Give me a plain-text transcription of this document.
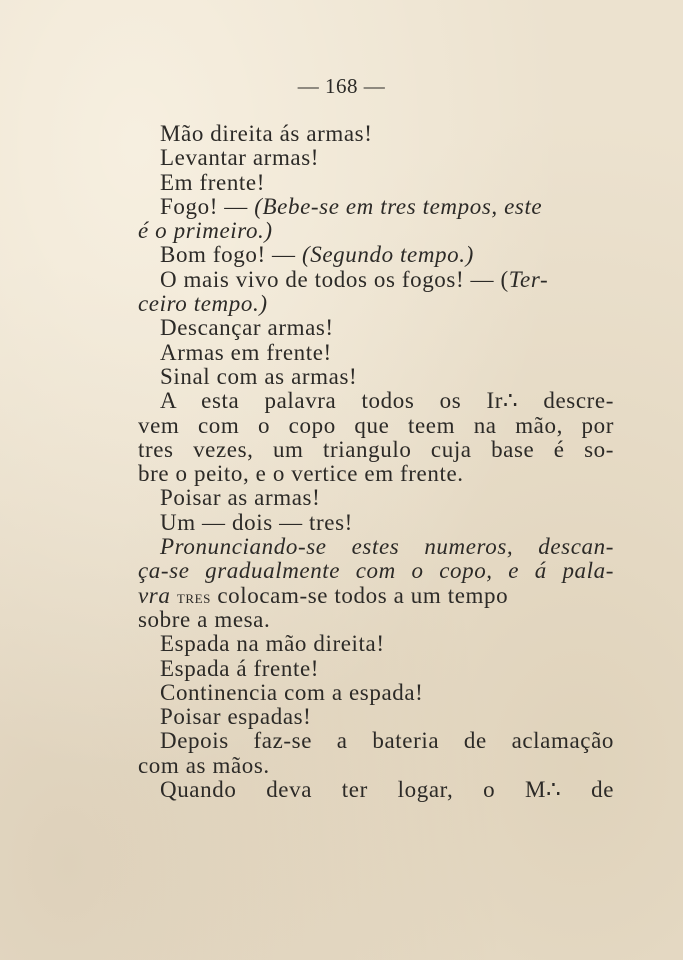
— 168 —
Mão direita ás armas!
Levantar armas!
Em frente!
Fogo! — (Bebe-se em tres tempos, este
é o primeiro.)
Bom fogo! — (Segundo tempo.)
O mais vivo de todos os fogos! — (Ter-
ceiro tempo.)
Descançar armas!
Armas em frente!
Sinal com as armas!
A esta palavra todos os Ir∴ descre-
vem com o copo que teem na mão, por
tres vezes, um triangulo cuja base é so-
bre o peito, e o vertice em frente.
Poisar as armas!
Um — dois — tres!
Pronunciando-se estes numeros, descan-
ça-se gradualmente com o copo, e á pala-
vra tres colocam-se todos a um tempo
sobre a mesa.
Espada na mão direita!
Espada á frente!
Continencia com a espada!
Poisar espadas!
Depois faz-se a bateria de aclamação
com as mãos.
Quando deva ter logar, o M∴ de
